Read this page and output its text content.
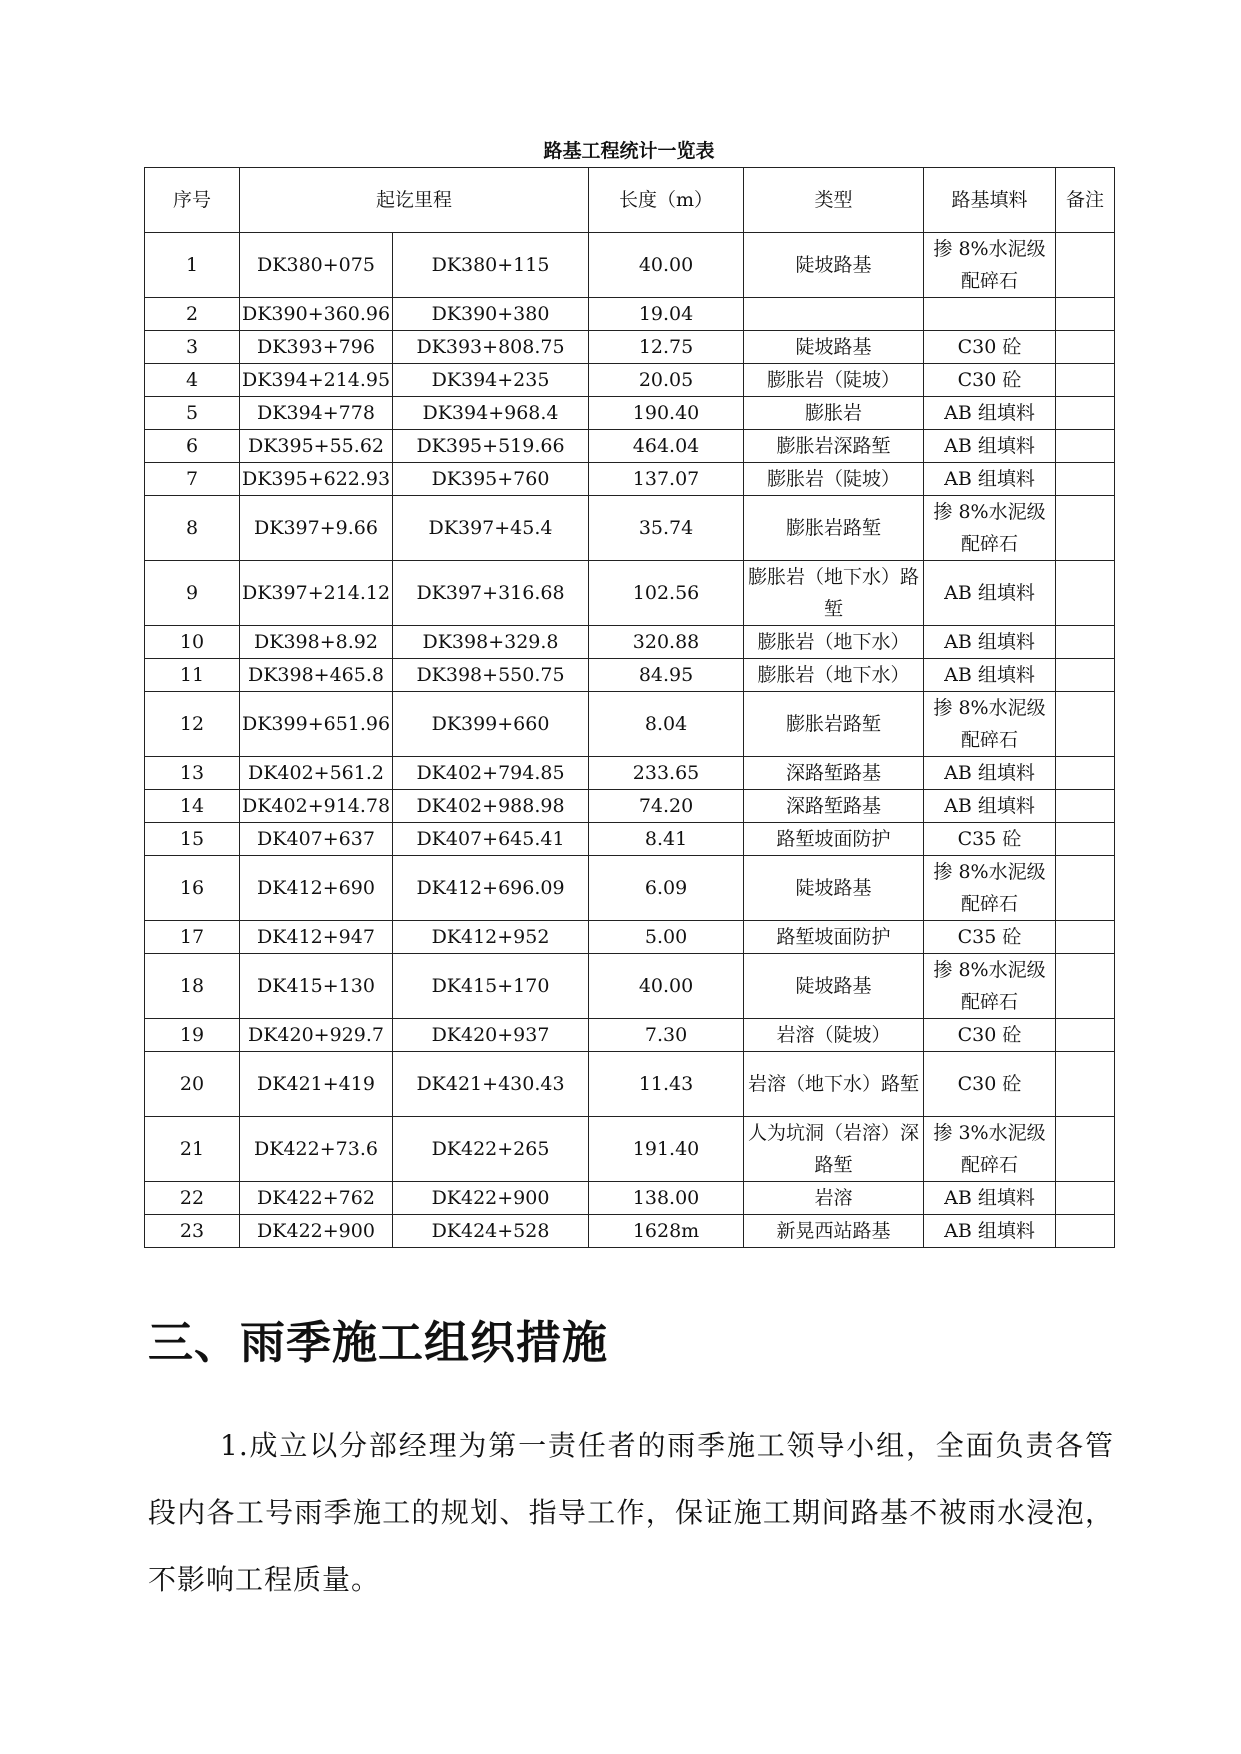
路基工程统计一览表
序号	起讫里程		长度（m）	类型	路基填料	备注
1	DK380+075	DK380+115	40.00	陡坡路基	掺 8%水泥级配碎石	
2	DK390+360.96	DK390+380	19.04			
3	DK393+796	DK393+808.75	12.75	陡坡路基	C30 砼	
4	DK394+214.95	DK394+235	20.05	膨胀岩（陡坡）	C30 砼	
5	DK394+778	DK394+968.4	190.40	膨胀岩	AB 组填料	
6	DK395+55.62	DK395+519.66	464.04	膨胀岩深路堑	AB 组填料	
7	DK395+622.93	DK395+760	137.07	膨胀岩（陡坡）	AB 组填料	
8	DK397+9.66	DK397+45.4	35.74	膨胀岩路堑	掺 8%水泥级配碎石	
9	DK397+214.12	DK397+316.68	102.56	膨胀岩（地下水）路堑	AB 组填料	
10	DK398+8.92	DK398+329.8	320.88	膨胀岩（地下水）	AB 组填料	
11	DK398+465.8	DK398+550.75	84.95	膨胀岩（地下水）	AB 组填料	
12	DK399+651.96	DK399+660	8.04	膨胀岩路堑	掺 8%水泥级配碎石	
13	DK402+561.2	DK402+794.85	233.65	深路堑路基	AB 组填料	
14	DK402+914.78	DK402+988.98	74.20	深路堑路基	AB 组填料	
15	DK407+637	DK407+645.41	8.41	路堑坡面防护	C35 砼	
16	DK412+690	DK412+696.09	6.09	陡坡路基	掺 8%水泥级配碎石	
17	DK412+947	DK412+952	5.00	路堑坡面防护	C35 砼	
18	DK415+130	DK415+170	40.00	陡坡路基	掺 8%水泥级配碎石	
19	DK420+929.7	DK420+937	7.30	岩溶（陡坡）	C30 砼	
20	DK421+419	DK421+430.43	11.43	岩溶（地下水）路堑	C30 砼	
21	DK422+73.6	DK422+265	191.40	人为坑洞（岩溶）深路堑	掺 3%水泥级配碎石	
22	DK422+762	DK422+900	138.00	岩溶	AB 组填料	
23	DK422+900	DK424+528	1628m	新晃西站路基	AB 组填料	
三、雨季施工组织措施
1.成立以分部经理为第一责任者的雨季施工领导小组，全面负责各管段内各工号雨季施工的规划、指导工作，保证施工期间路基不被雨水浸泡，不影响工程质量。
